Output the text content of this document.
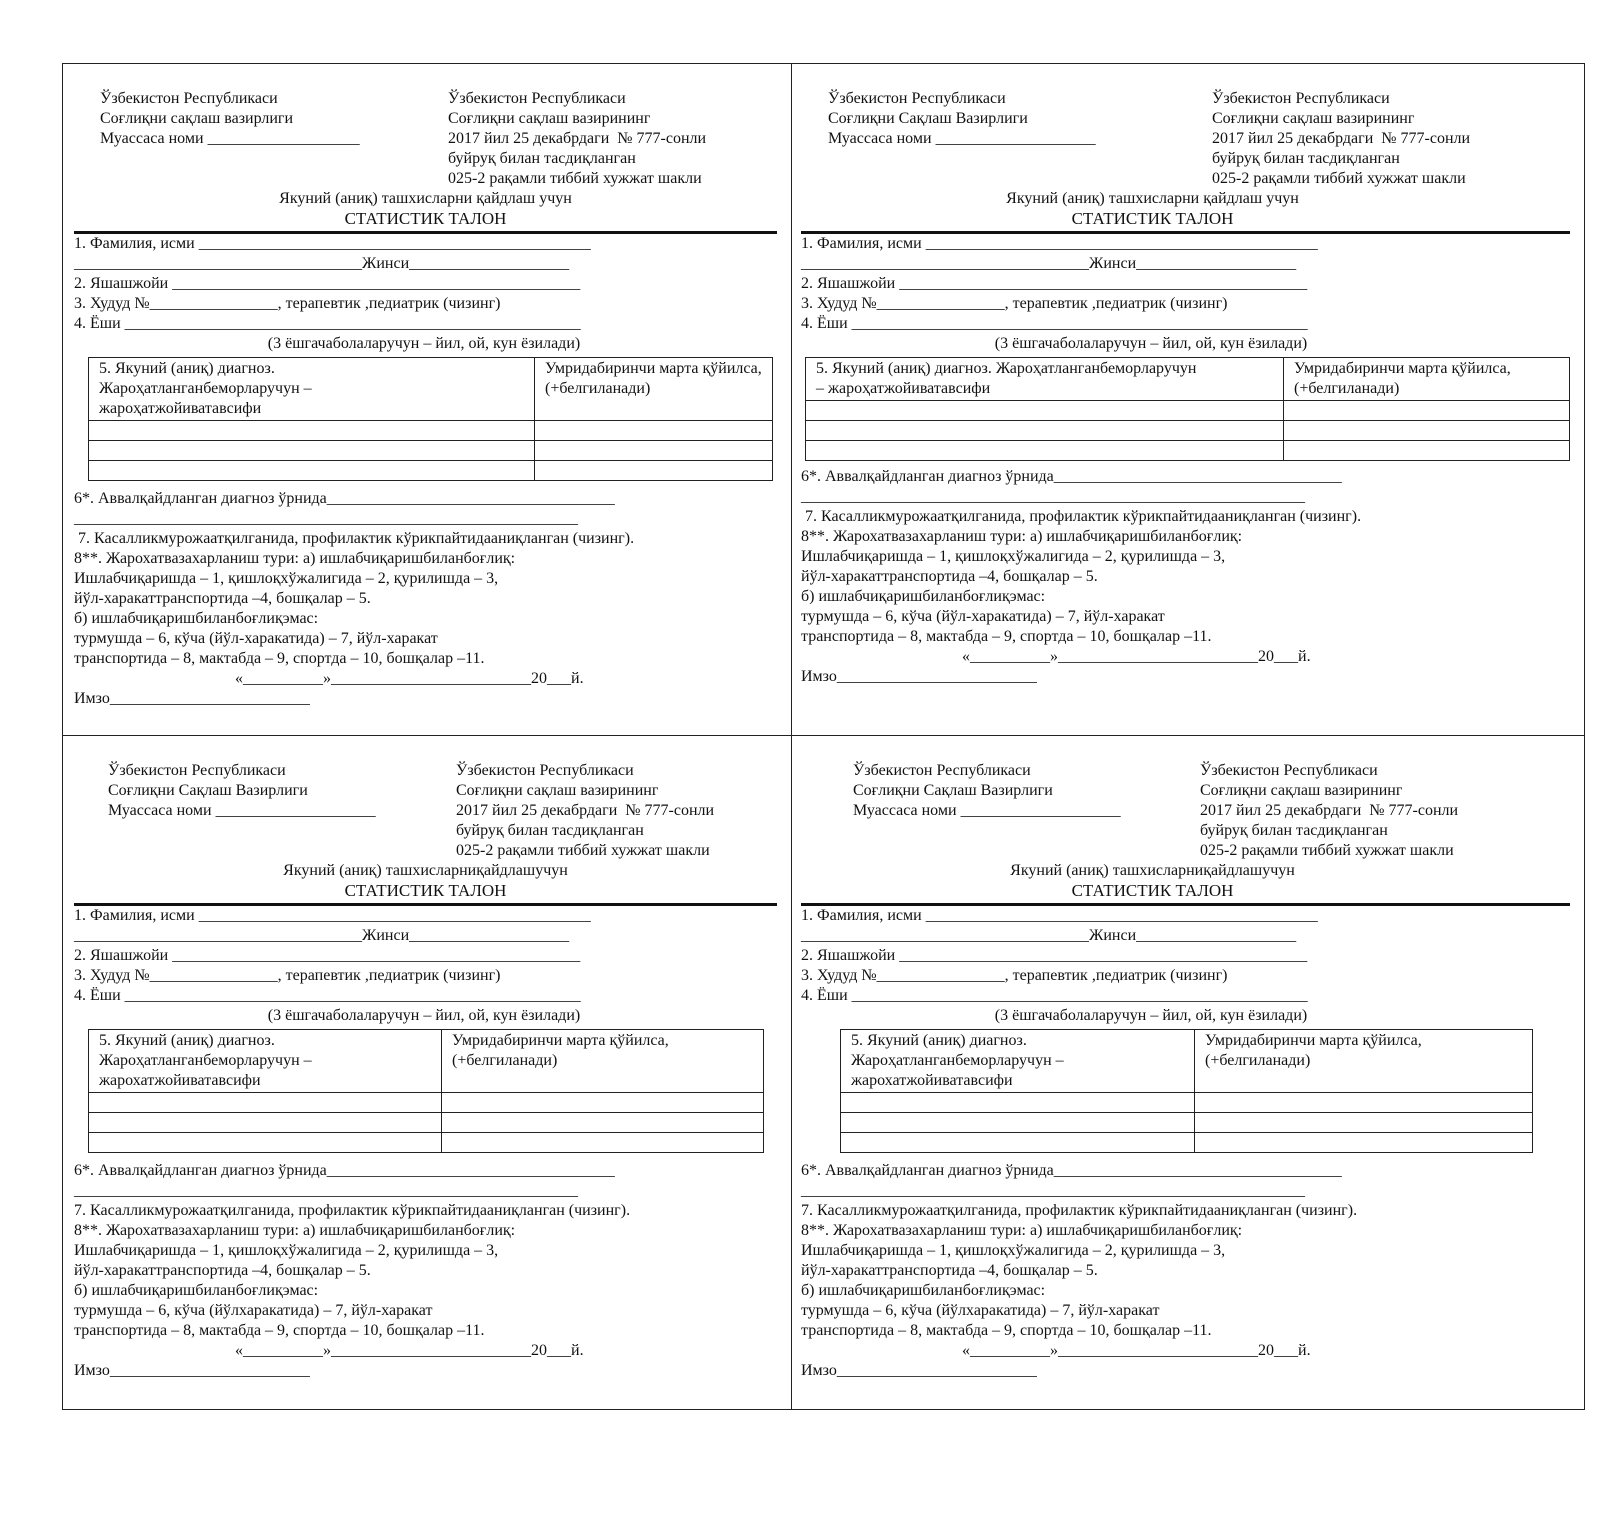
Ўзбекистон Республикаси
Соғлиқни сақлаш вазирлиги
Муассаса номи ___________________
Ўзбекистон Республикаси
Соғлиқни сақлаш вазирининг
2017 йил 25 декабрдаги  № 777-сонли
буйруқ билан тасдиқланган
025-2 рақамли тиббий хужжат шакли
Якуний (аниқ) ташхисларни қайдлаш учун
СТАТИСТИК ТАЛОН
1. Фамилия, исми _________________________________________________
____________________________________Жинси____________________
2. Яшашжойи ___________________________________________________
3. Худуд №________________, терапевтик ,педиатрик (чизинг)
4. Ёши _________________________________________________________
(3 ёшгачаболаларучун – йил, ой, кун ёзилади)
5. Якуний (аниқ) диагноз.
Жароҳатланганбеморларучун –
жароҳатжойиватавсифи	Умридабиринчи марта қўйилса, (+белгиланади)

6*. Аввалқайдланган диагноз ўрнида____________________________________
_______________________________________________________________
7. Касалликмурожаатқилганида, профилактик кўрикпайтидааниқланган (чизинг).
8**. Жарохатвазахарланиш тури: а) ишлабчиқаришбиланбоғлиқ:
Ишлабчиқаришда – 1, қишлоқхўжалигида – 2, қурилишда – 3,
йўл-харакаттранспортида –4, бошқалар – 5.
б) ишлабчиқаришбиланбоғлиқэмас:
турмушда – 6, кўча (йўл-харакатида) – 7, йўл-харакат
транспортида – 8, мактабда – 9, спортда – 10, бошқалар –11.
«__________»_________________________20___й.
Имзо_________________________
Ўзбекистон Республикаси
Соғлиқни Сақлаш Вазирлиги
Муассаса номи ____________________
Ўзбекистон Республикаси
Соғлиқни сақлаш вазирининг
2017 йил 25 декабрдаги  № 777-сонли
буйруқ билан тасдиқланган
025-2 рақамли тиббий хужжат шакли
Якуний (аниқ) ташхисларни қайдлаш учун
СТАТИСТИК ТАЛОН
1. Фамилия, исми _________________________________________________
____________________________________Жинси____________________
2. Яшашжойи ___________________________________________________
3. Худуд №________________, терапевтик ,педиатрик (чизинг)
4. Ёши _________________________________________________________
(3 ёшгачаболаларучун – йил, ой, кун ёзилади)
5. Якуний (аниқ) диагноз. Жароҳатланганбеморларучун
– жароҳатжойиватавсифи	Умридабиринчи марта қўйилса,
(+белгиланади)

6*. Аввалқайдланган диагноз ўрнида____________________________________
_______________________________________________________________
7. Касалликмурожаатқилганида, профилактик кўрикпайтидааниқланган (чизинг).
8**. Жарохатвазахарланиш тури: а) ишлабчиқаришбиланбоғлиқ:
Ишлабчиқаришда – 1, қишлоқхўжалигида – 2, қурилишда – 3,
йўл-харакаттранспортида –4, бошқалар – 5.
б) ишлабчиқаришбиланбоғлиқэмас:
турмушда – 6, кўча (йўл-харакатида) – 7, йўл-харакат
транспортида – 8, мактабда – 9, спортда – 10, бошқалар –11.
«__________»_________________________20___й.
Имзо_________________________
Ўзбекистон Республикаси
Соғлиқни Сақлаш Вазирлиги
Муассаса номи ____________________
Ўзбекистон Республикаси
Соғлиқни сақлаш вазирининг
2017 йил 25 декабрдаги  № 777-сонли
буйруқ билан тасдиқланган
025-2 рақамли тиббий хужжат шакли
Якуний (аниқ) ташхисларниқайдлашучун
СТАТИСТИК ТАЛОН
1. Фамилия, исми _________________________________________________
____________________________________Жинси____________________
2. Яшашжойи ___________________________________________________
3. Худуд №________________, терапевтик ,педиатрик (чизинг)
4. Ёши _________________________________________________________
(3 ёшгачаболаларучун – йил, ой, кун ёзилади)
5. Якуний (аниқ) диагноз.
Жароҳатланганбеморларучун –
жарохатжойиватавсифи	Умридабиринчи марта қўйилса,
(+белгиланади)

6*. Аввалқайдланган диагноз ўрнида____________________________________
_______________________________________________________________
7. Касалликмурожаатқилганида, профилактик кўрикпайтидааниқланган (чизинг).
8**. Жарохатвазахарланиш тури: а) ишлабчиқаришбиланбоғлиқ:
Ишлабчиқаришда – 1, қишлоқхўжалигида – 2, қурилишда – 3,
йўл-харакаттранспортида –4, бошқалар – 5.
б) ишлабчиқаришбиланбоғлиқэмас:
турмушда – 6, кўча (йўлхаракатида) – 7, йўл-харакат
транспортида – 8, мактабда – 9, спортда – 10, бошқалар –11.
«__________»_________________________20___й.
Имзо_________________________
Ўзбекистон Республикаси
Соғлиқни Сақлаш Вазирлиги
Муассаса номи ____________________
Ўзбекистон Республикаси
Соғлиқни сақлаш вазирининг
2017 йил 25 декабрдаги  № 777-сонли
буйруқ билан тасдиқланган
025-2 рақамли тиббий хужжат шакли
Якуний (аниқ) ташхисларниқайдлашучун
СТАТИСТИК ТАЛОН
1. Фамилия, исми _________________________________________________
____________________________________Жинси____________________
2. Яшашжойи ___________________________________________________
3. Худуд №________________, терапевтик ,педиатрик (чизинг)
4. Ёши _________________________________________________________
(3 ёшгачаболаларучун – йил, ой, кун ёзилади)
5. Якуний (аниқ) диагноз.
Жароҳатланганбеморларучун –
жарохатжойиватавсифи	Умридабиринчи марта қўйилса,
(+белгиланади)

6*. Аввалқайдланган диагноз ўрнида____________________________________
_______________________________________________________________
7. Касалликмурожаатқилганида, профилактик кўрикпайтидааниқланган (чизинг).
8**. Жарохатвазахарланиш тури: а) ишлабчиқаришбиланбоғлиқ:
Ишлабчиқаришда – 1, қишлоқхўжалигида – 2, қурилишда – 3,
йўл-харакаттранспортида –4, бошқалар – 5.
б) ишлабчиқаришбиланбоғлиқэмас:
турмушда – 6, кўча (йўлхаракатида) – 7, йўл-харакат
транспортида – 8, мактабда – 9, спортда – 10, бошқалар –11.
«__________»_________________________20___й.
Имзо_________________________
